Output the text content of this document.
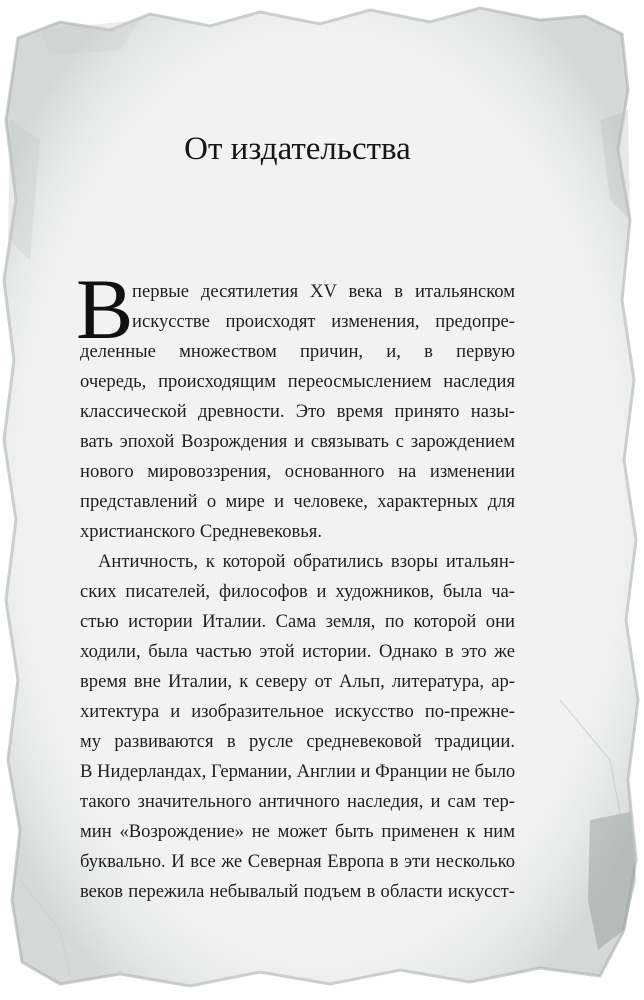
От издательства
В
первые десятилетия XV века в итальянском
искусстве происходят изменения, предопре-
деленные множеством причин, и, в первую
очередь, происходящим переосмыслением наследия
классической древности. Это время принято назы-
вать эпохой Возрождения и связывать с зарождением
нового мировоззрения, основанного на изменении
представлений о мире и человеке, характерных для
христианского Средневековья.
Античность, к которой обратились взоры итальян-
ских писателей, философов и художников, была ча-
стью истории Италии. Сама земля, по которой они
ходили, была частью этой истории. Однако в это же
время вне Италии, к северу от Альп, литература, ар-
хитектура и изобразительное искусство по-прежне-
му развиваются в русле средневековой традиции.
В Нидерландах, Германии, Англии и Франции не было
такого значительного античного наследия, и сам тер-
мин «Возрождение» не может быть применен к ним
буквально. И все же Северная Европа в эти несколько
веков пережила небывалый подъем в области искусст-
